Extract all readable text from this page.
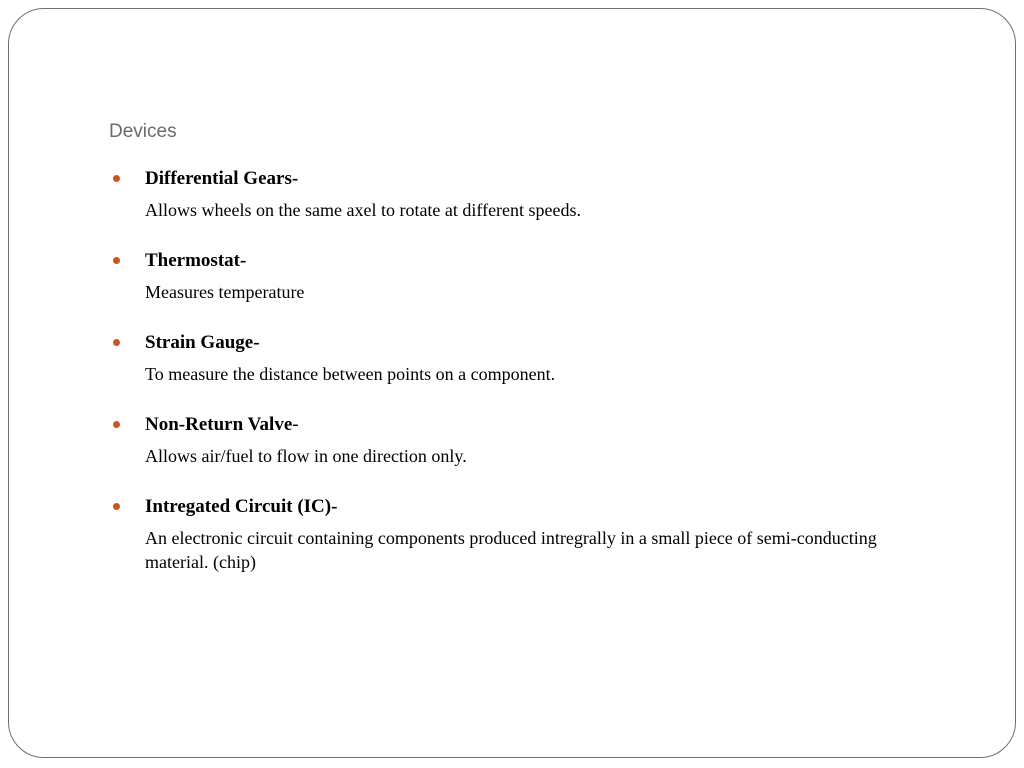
Devices
Differential Gears-
Allows wheels on the same axel to rotate at different speeds.
Thermostat-
Measures temperature
Strain Gauge-
To measure the distance between points on a component.
Non-Return Valve-
Allows air/fuel to flow in one direction only.
Intregated Circuit (IC)-
An electronic circuit containing components produced intregrally in a small piece of semi-conducting material. (chip)
